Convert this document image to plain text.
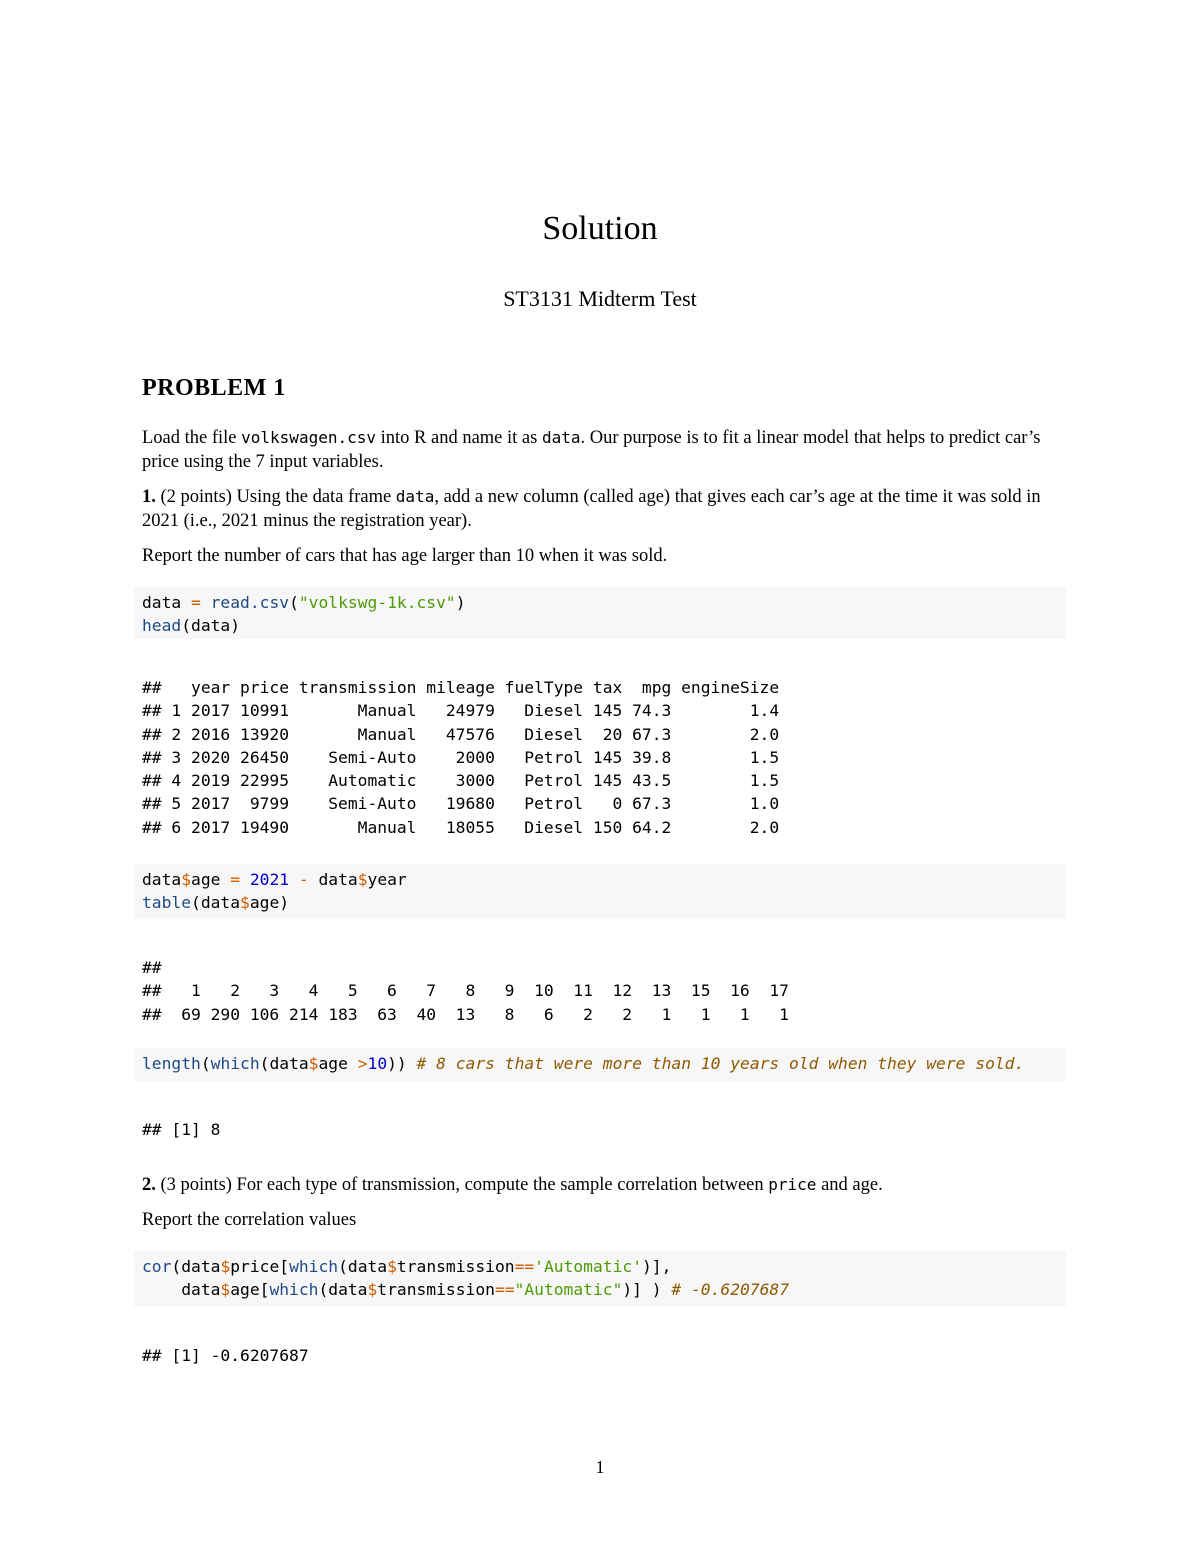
Solution
ST3131 Midterm Test
PROBLEM 1
Load the file volkswagen.csv into R and name it as data. Our purpose is to fit a linear model that helps to predict car’s price using the 7 input variables.
1. (2 points) Using the data frame data, add a new column (called age) that gives each car’s age at the time it was sold in 2021 (i.e., 2021 minus the registration year).
Report the number of cars that has age larger than 10 when it was sold.
data = read.csv("volkswg-1k.csv")
head(data)
##   year price transmission mileage fuelType tax  mpg engineSize
## 1 2017 10991       Manual   24979   Diesel 145 74.3        1.4
## 2 2016 13920       Manual   47576   Diesel  20 67.3        2.0
## 3 2020 26450    Semi-Auto    2000   Petrol 145 39.8        1.5
## 4 2019 22995    Automatic    3000   Petrol 145 43.5        1.5
## 5 2017  9799    Semi-Auto   19680   Petrol   0 67.3        1.0
## 6 2017 19490       Manual   18055   Diesel 150 64.2        2.0
data$age = 2021 - data$year
table(data$age)
##
##   1   2   3   4   5   6   7   8   9  10  11  12  13  15  16  17
##  69 290 106 214 183  63  40  13   8   6   2   2   1   1   1   1
length(which(data$age >10)) # 8 cars that were more than 10 years old when they were sold.
## [1] 8
2. (3 points) For each type of transmission, compute the sample correlation between price and age.
Report the correlation values
cor(data$price[which(data$transmission=='Automatic')],
data$age[which(data$transmission=="Automatic")] ) # -0.6207687
## [1] -0.6207687
1
